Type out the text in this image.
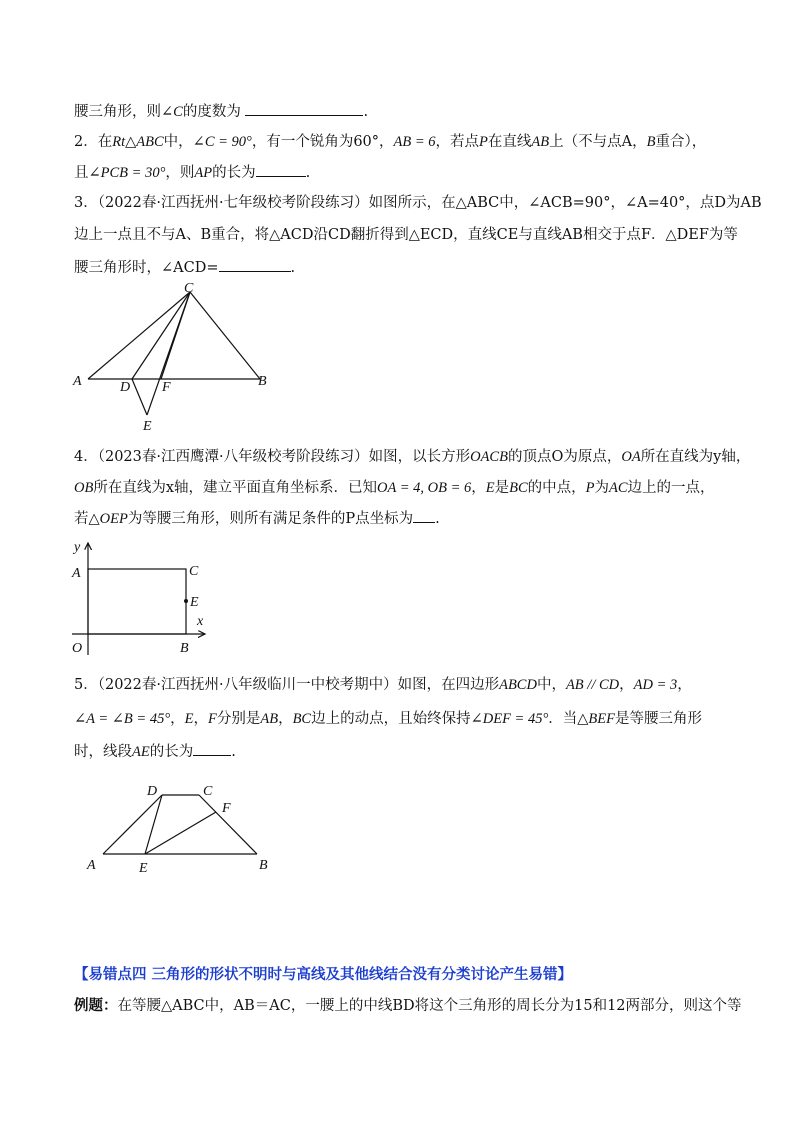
腰三角形，则∠C的度数为	.
2．在Rt△ABC中，∠C = 90°，有一个锐角为60°，AB = 6，若点P在直线AB上（不与点A，B重合），
且∠PCB = 30°，则AP的长为	.
3．（2022春·江西抚州·七年级校考阶段练习）如图所示，在△ABC中，∠ACB=90°，∠A=40°，点D为AB
边上一点且不与A、B重合，将△ACD沿CD翻折得到△ECD，直线CE与直线AB相交于点F．△DEF为等
腰三角形时，∠ACD=	.
C
A	B
D F
E
4．（2023春·江西鹰潭·八年级校考阶段练习）如图，以长方形OACB的顶点O为原点，OA所在直线为y轴，
OB所在直线为x轴，建立平面直角坐标系．已知OA = 4, OB = 6，E是BC的中点，P为AC边上的一点，
若△OEP为等腰三角形，则所有满足条件的P点坐标为 .
y
A	C
E
x
O	B
5．（2022春·江西抚州·八年级临川一中校考期中）如图，在四边形ABCD中，AB // CD，AD = 3，
∠A = ∠B = 45°，E，F分别是AB，BC边上的动点，且始终保持∠DEF = 45°．当△BEF是等腰三角形
时，线段AE的长为	.
D	C
F
A	E	B
【易错点四 三角形的形状不明时与高线及其他线结合没有分类讨论产生易错】
例题：在等腰△ABC中，AB＝AC，一腰上的中线BD将这个三角形的周长分为15和12两部分，则这个等
